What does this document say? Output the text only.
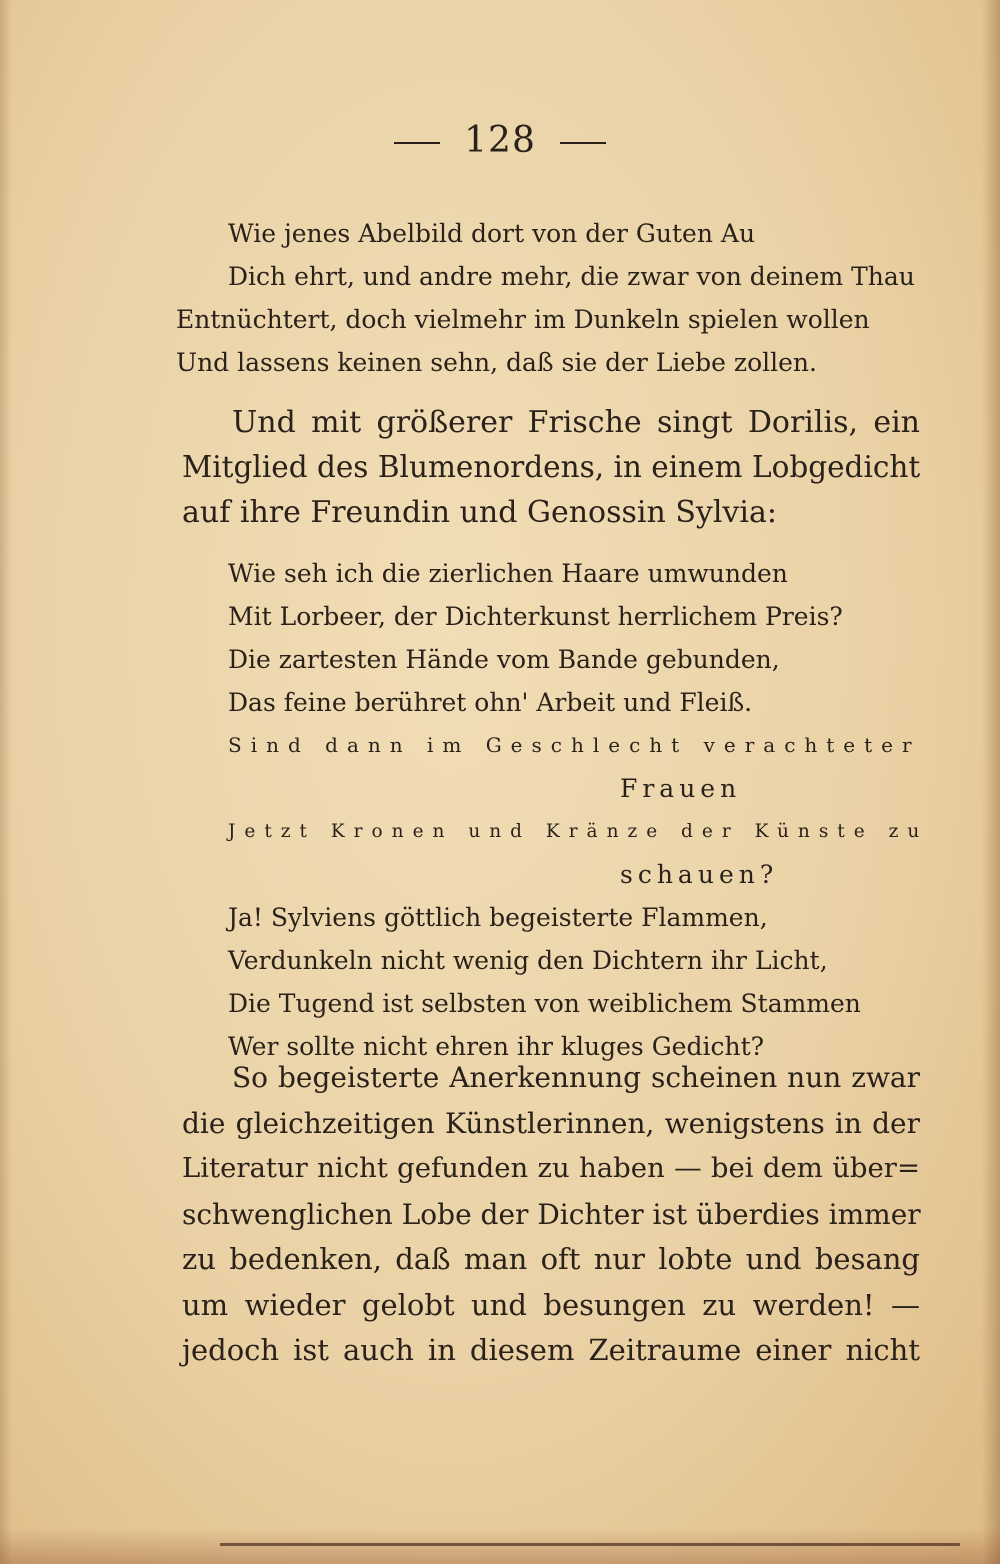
128
Wie jenes Abelbild dort von der Guten Au
Dich ehrt, und andre mehr, die zwar von deinem Thau
Entnüchtert, doch vielmehr im Dunkeln spielen wollen
Und lassens keinen sehn, daß sie der Liebe zollen.
Und mit größerer Frische singt Dorilis, ein
Mitglied des Blumenordens, in einem Lobgedicht
auf ihre Freundin und Genossin Sylvia:
Wie seh ich die zierlichen Haare umwunden
Mit Lorbeer, der Dichterkunst herrlichem Preis?
Die zartesten Hände vom Bande gebunden,
Das feine berühret ohn' Arbeit und Fleiß.
Sind dann im Geschlecht verachteter
Frauen
Jetzt Kronen und Kränze der Künste zu
schauen?
Ja! Sylviens göttlich begeisterte Flammen,
Verdunkeln nicht wenig den Dichtern ihr Licht,
Die Tugend ist selbsten von weiblichem Stammen
Wer sollte nicht ehren ihr kluges Gedicht?
So begeisterte Anerkennung scheinen nun zwar
die gleichzeitigen Künstlerinnen, wenigstens in der
Literatur nicht gefunden zu haben — bei dem über=
schwenglichen Lobe der Dichter ist überdies immer
zu bedenken, daß man oft nur lobte und besang
um wieder gelobt und besungen zu werden! —
jedoch ist auch in diesem Zeitraume einer nicht
